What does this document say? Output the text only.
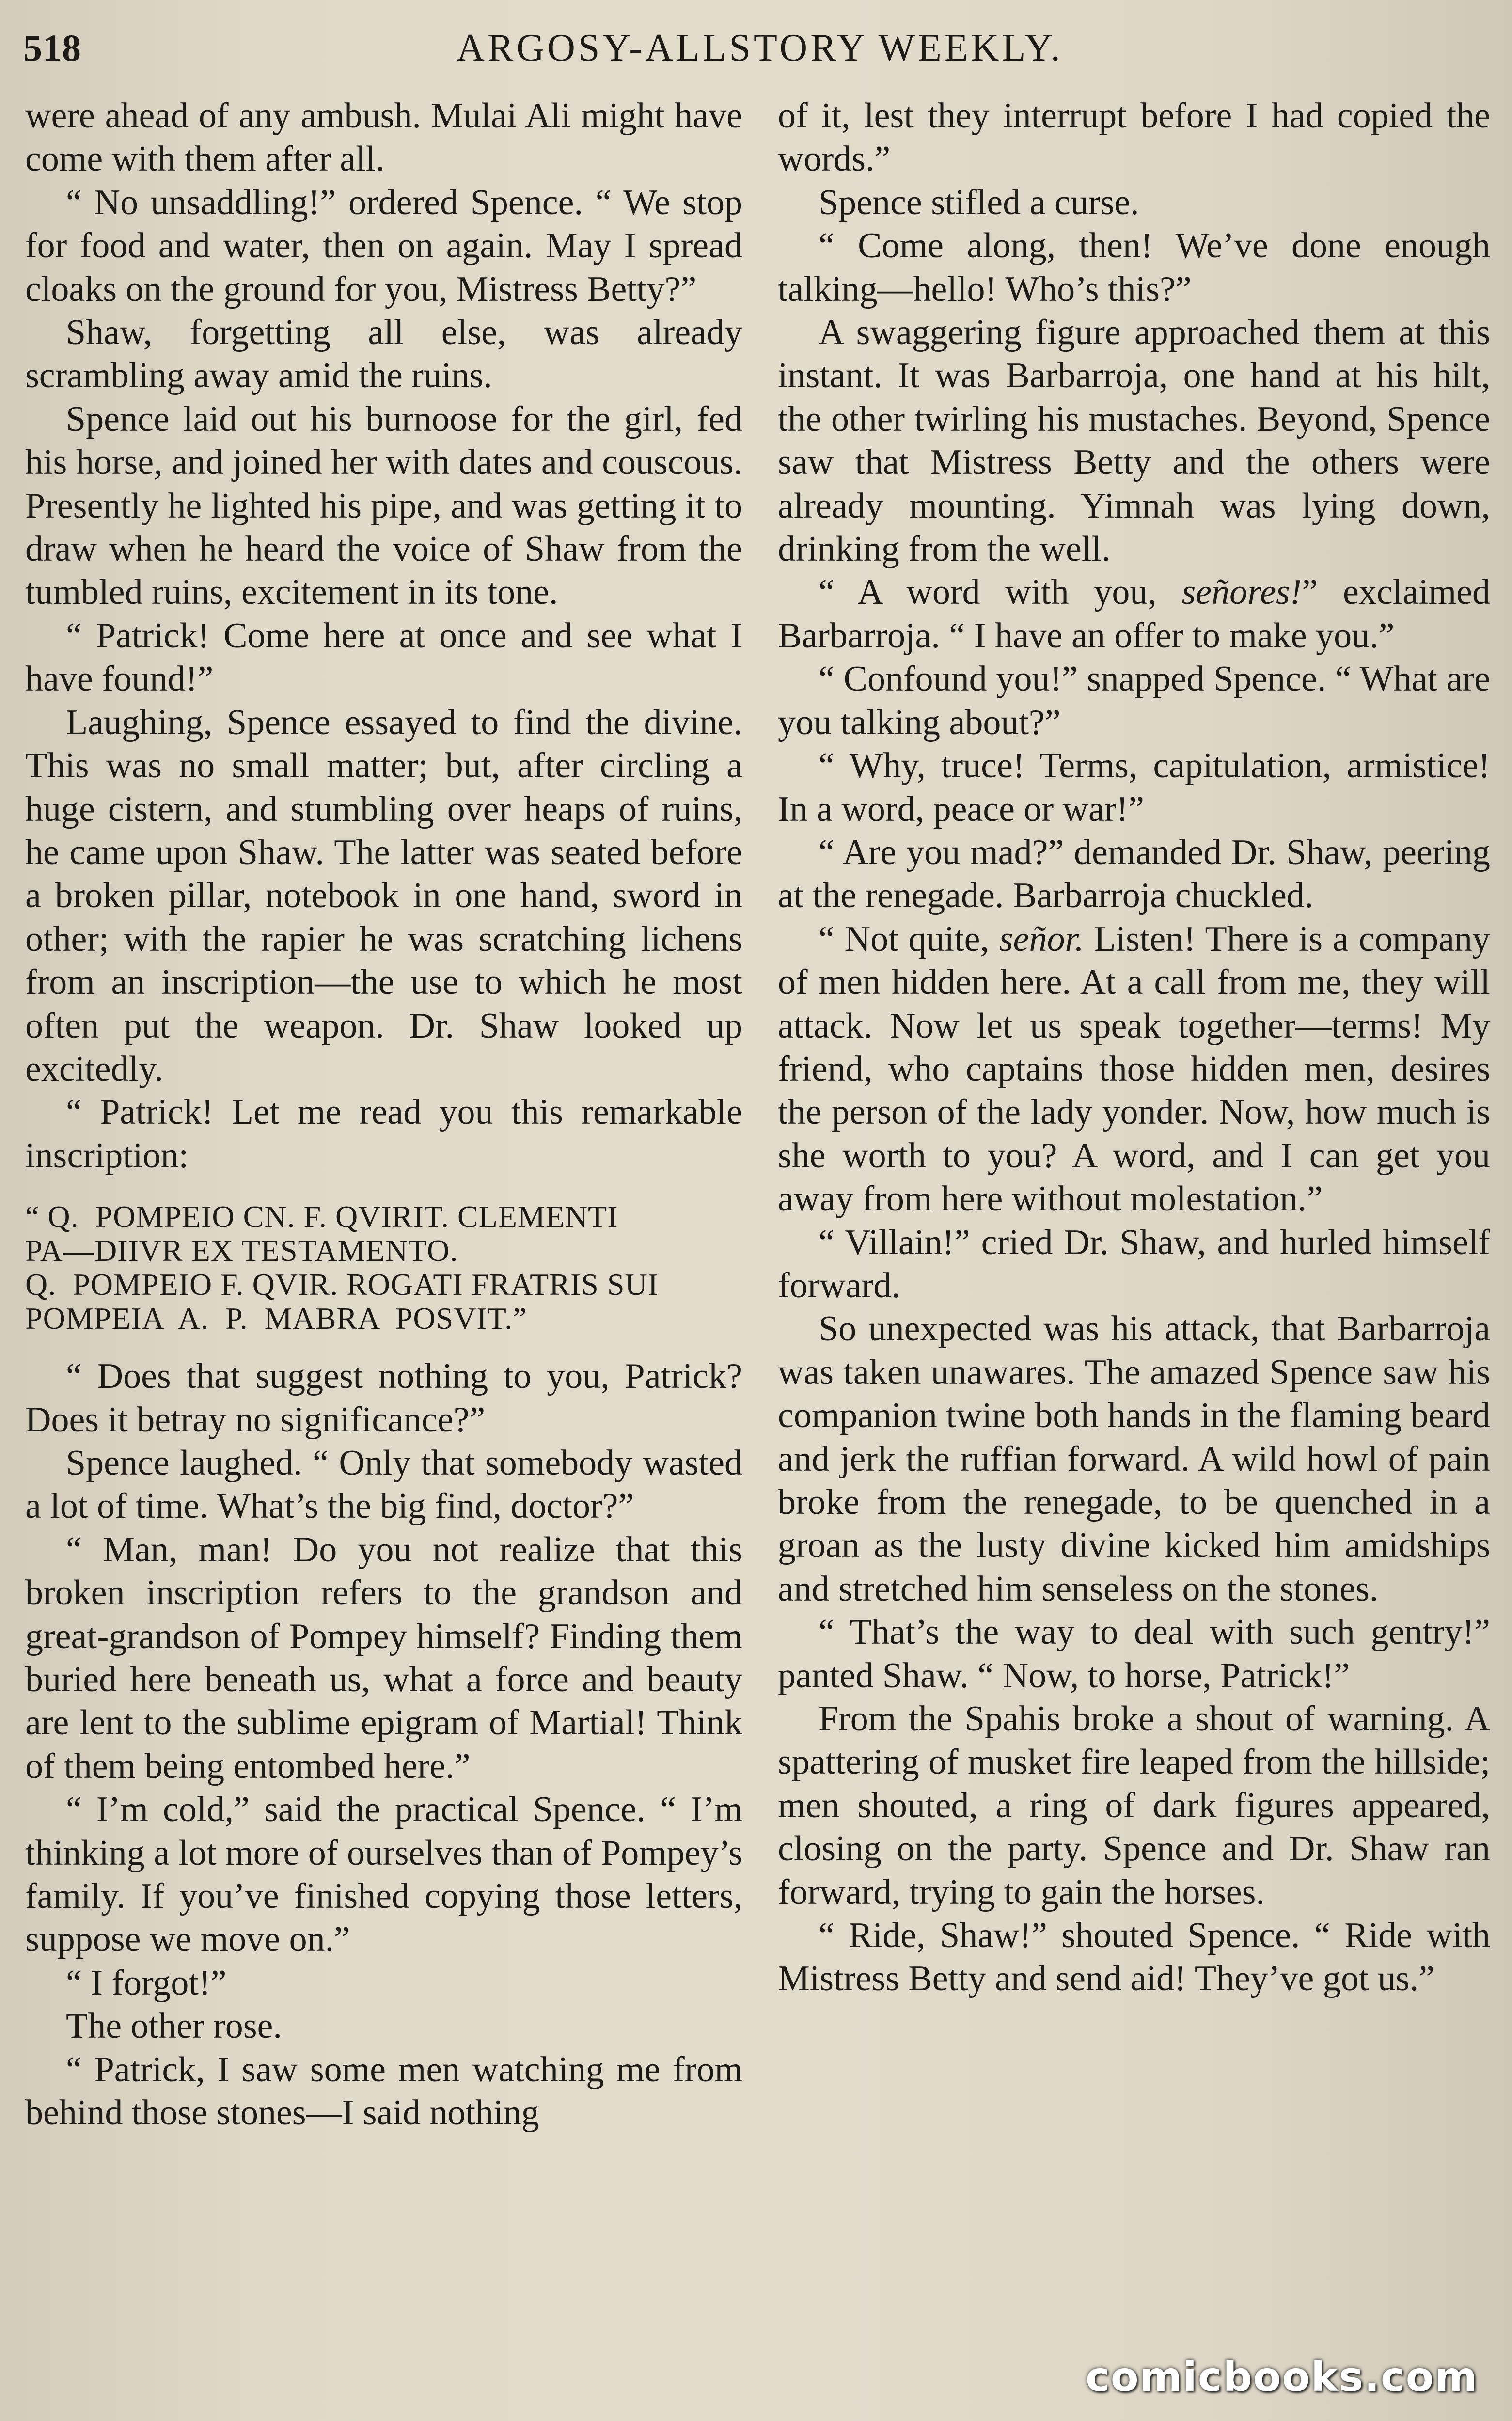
518	ARGOSY-ALLSTORY WEEKLY.

were ahead of any ambush. Mulai Ali might have come with them after all.

“ No unsaddling!” ordered Spence. “ We stop for food and water, then on again. May I spread cloaks on the ground for you, Mistress Betty?”

Shaw, forgetting all else, was already scrambling away amid the ruins.

Spence laid out his burnoose for the girl, fed his horse, and joined her with dates and couscous. Presently he lighted his pipe, and was getting it to draw when he heard the voice of Shaw from the tumbled ruins, excitement in its tone.

“ Patrick! Come here at once and see what I have found!”

Laughing, Spence essayed to find the divine. This was no small matter; but, after circling a huge cistern, and stumbling over heaps of ruins, he came upon Shaw. The latter was seated before a broken pillar, notebook in one hand, sword in other; with the rapier he was scratching lichens from an inscription—the use to which he most often put the weapon. Dr. Shaw looked up excitedly.

“ Patrick! Let me read you this remarkable inscription:

“ Q.  POMPEIO CN. F. QVIRIT. CLEMENTI
PA—DIIVR EX TESTAMENTO.
Q.  POMPEIO F. QVIR. ROGATI FRATRIS SUI
POMPEIA  A.  P.  MABRA  POSVIT.”

“ Does that suggest nothing to you, Patrick? Does it betray no significance?”

Spence laughed. “ Only that somebody wasted a lot of time. What’s the big find, doctor?”

“ Man, man! Do you not realize that this broken inscription refers to the grandson and great-grandson of Pompey himself? Finding them buried here beneath us, what a force and beauty are lent to the sublime epigram of Martial! Think of them being entombed here.”

“ I’m cold,” said the practical Spence. “ I’m thinking a lot more of ourselves than of Pompey’s family. If you’ve finished copying those letters, suppose we move on.”

“ I forgot!”

The other rose.

“ Patrick, I saw some men watching me from behind those stones—I said nothing

of it, lest they interrupt before I had copied the words.”

Spence stifled a curse.

“ Come along, then! We’ve done enough talking—hello! Who’s this?”

A swaggering figure approached them at this instant. It was Barbarroja, one hand at his hilt, the other twirling his mustaches. Beyond, Spence saw that Mistress Betty and the others were already mounting. Yimnah was lying down, drinking from the well.

“ A word with you, señores!” exclaimed Barbarroja. “ I have an offer to make you.”

“ Confound you!” snapped Spence. “ What are you talking about?”

“ Why, truce! Terms, capitulation, armistice! In a word, peace or war!”

“ Are you mad?” demanded Dr. Shaw, peering at the renegade. Barbarroja chuckled.

“ Not quite, señor. Listen! There is a company of men hidden here. At a call from me, they will attack. Now let us speak together—terms! My friend, who captains those hidden men, desires the person of the lady yonder. Now, how much is she worth to you? A word, and I can get you away from here without molestation.”

“ Villain!” cried Dr. Shaw, and hurled himself forward.

So unexpected was his attack, that Barbarroja was taken unawares. The amazed Spence saw his companion twine both hands in the flaming beard and jerk the ruffian forward. A wild howl of pain broke from the renegade, to be quenched in a groan as the lusty divine kicked him amidships and stretched him senseless on the stones.

“ That’s the way to deal with such gentry!” panted Shaw. “ Now, to horse, Patrick!”

From the Spahis broke a shout of warning. A spattering of musket fire leaped from the hillside; men shouted, a ring of dark figures appeared, closing on the party. Spence and Dr. Shaw ran forward, trying to gain the horses.

“ Ride, Shaw!” shouted Spence. “ Ride with Mistress Betty and send aid! They’ve got us.”

comicbooks.com
